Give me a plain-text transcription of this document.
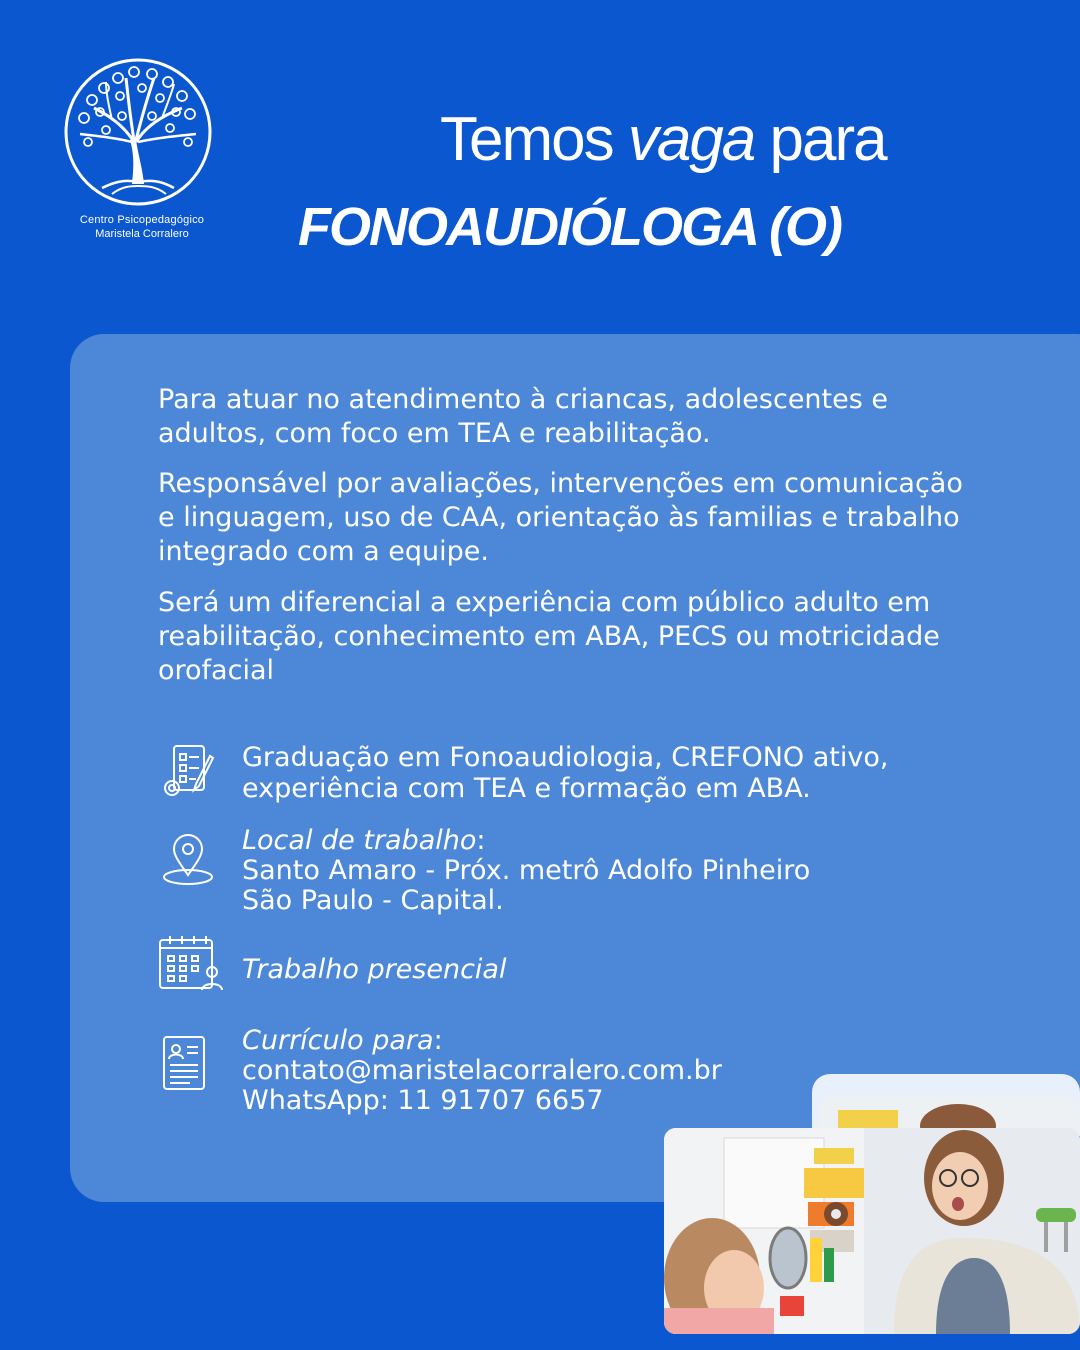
Centro Psicopedagógico
Maristela Corralero
Temos vaga para
FONOAUDIÓLOGA (O)
Para atuar no atendimento à criancas, adolescentes e adultos, com foco em TEA e reabilitação.
Responsável por avaliações, intervenções em comunicação e linguagem, uso de CAA, orientação às familias e trabalho integrado com a equipe.
Será um diferencial a experiência com público adulto em reabilitação, conhecimento em ABA, PECS ou motricidade orofacial
Graduação em Fonoaudiologia, CREFONO ativo,
experiência com TEA e formação em ABA.
Local de trabalho:
Santo Amaro - Próx. metrô Adolfo Pinheiro
São Paulo - Capital.
Trabalho presencial
Currículo para:
contato@maristelacorralero.com.br
WhatsApp: 11 91707 6657
